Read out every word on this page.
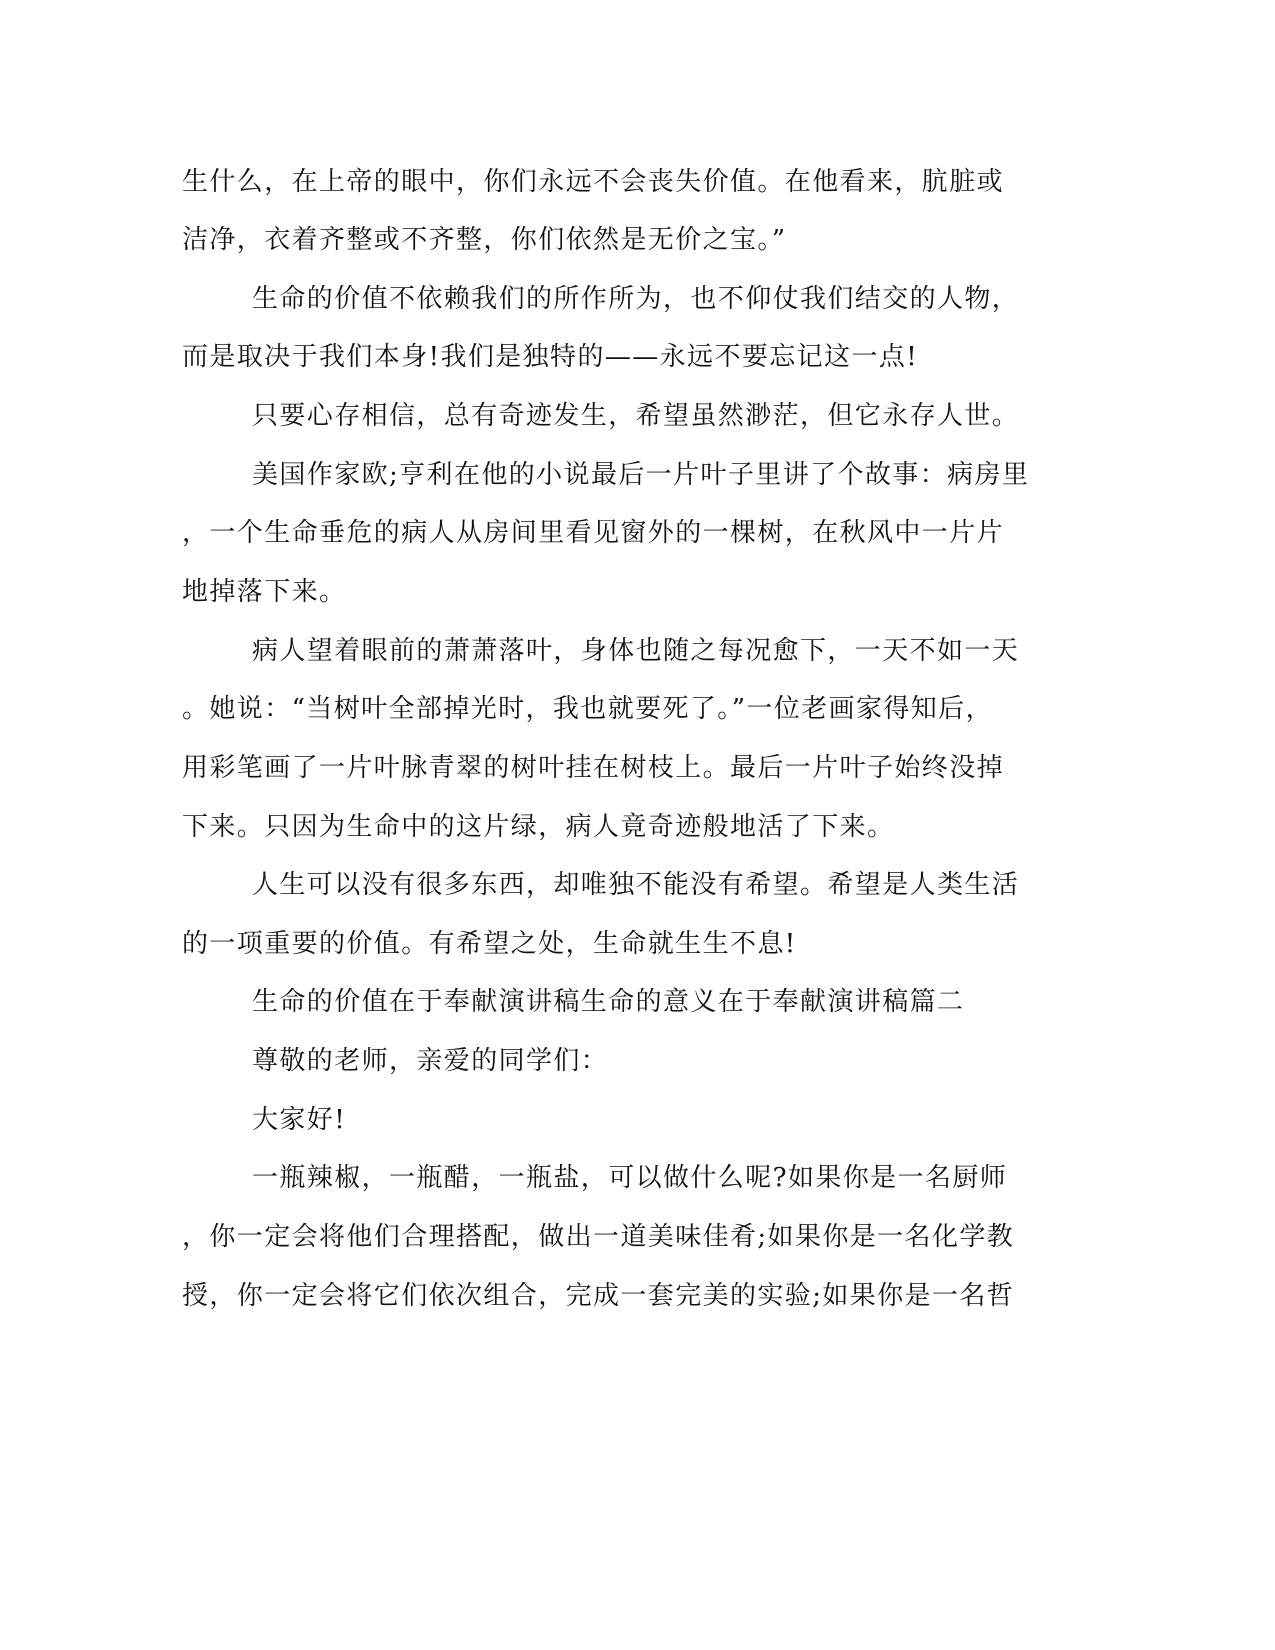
生什么，在上帝的眼中，你们永远不会丧失价值。在他看来，肮脏或
洁净，衣着齐整或不齐整，你们依然是无价之宝。”
生命的价值不依赖我们的所作所为，也不仰仗我们结交的人物，
而是取决于我们本身!我们是独特的——永远不要忘记这一点!
只要心存相信，总有奇迹发生，希望虽然渺茫，但它永存人世。
美国作家欧;亨利在他的小说最后一片叶子里讲了个故事：病房里
，一个生命垂危的病人从房间里看见窗外的一棵树，在秋风中一片片
地掉落下来。
病人望着眼前的萧萧落叶，身体也随之每况愈下，一天不如一天
。她说：“当树叶全部掉光时，我也就要死了。”一位老画家得知后，
用彩笔画了一片叶脉青翠的树叶挂在树枝上。最后一片叶子始终没掉
下来。只因为生命中的这片绿，病人竟奇迹般地活了下来。
人生可以没有很多东西，却唯独不能没有希望。希望是人类生活
的一项重要的价值。有希望之处，生命就生生不息!
生命的价值在于奉献演讲稿生命的意义在于奉献演讲稿篇二
尊敬的老师，亲爱的同学们：
大家好!
一瓶辣椒，一瓶醋，一瓶盐，可以做什么呢?如果你是一名厨师
，你一定会将他们合理搭配，做出一道美味佳肴;如果你是一名化学教
授，你一定会将它们依次组合，完成一套完美的实验;如果你是一名哲
